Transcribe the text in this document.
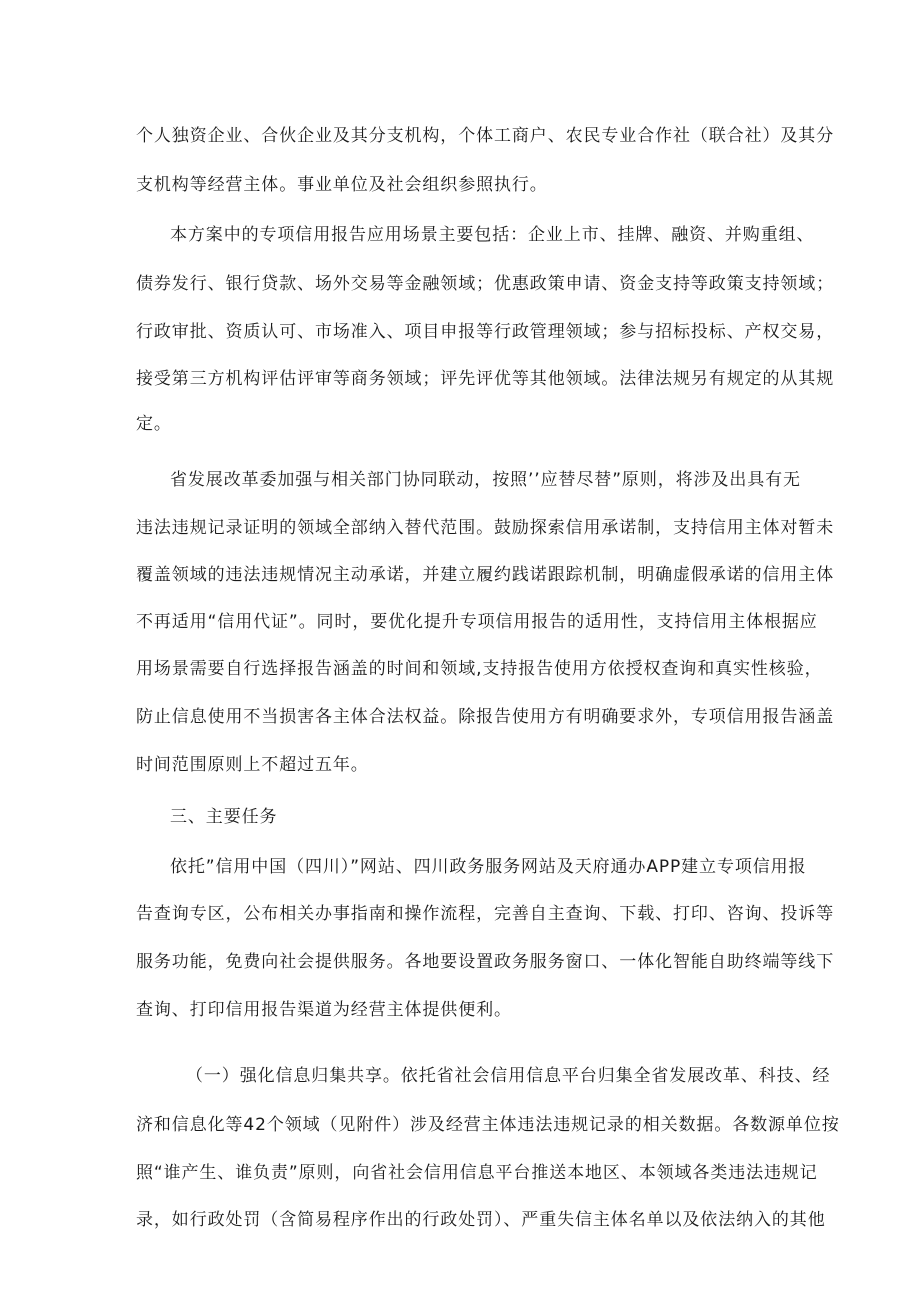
个人独资企业、合伙企业及其分支机构，个体工商户、农民专业合作社（联合社）及其分
支机构等经营主体。事业单位及社会组织参照执行。
本方案中的专项信用报告应用场景主要包括：企业上市、挂牌、融资、并购重组、
债券发行、银行贷款、场外交易等金融领域；优惠政策申请、资金支持等政策支持领域；
行政审批、资质认可、市场准入、项目申报等行政管理领域；参与招标投标、产权交易，
接受第三方机构评估评审等商务领域；评先评优等其他领域。法律法规另有规定的从其规
定。
省发展改革委加强与相关部门协同联动，按照’’应替尽替”原则，将涉及出具有无
违法违规记录证明的领域全部纳入替代范围。鼓励探索信用承诺制，支持信用主体对暂未
覆盖领域的违法违规情况主动承诺，并建立履约践诺跟踪机制，明确虚假承诺的信用主体
不再适用“信用代证”。同时，要优化提升专项信用报告的适用性，支持信用主体根据应
用场景需要自行选择报告涵盖的时间和领域,支持报告使用方依授权查询和真实性核验，
防止信息使用不当损害各主体合法权益。除报告使用方有明确要求外，专项信用报告涵盖
时间范围原则上不超过五年。
三、主要任务
依托”信用中国（四川）”网站、四川政务服务网站及天府通办APP建立专项信用报
告查询专区，公布相关办事指南和操作流程，完善自主查询、下载、打印、咨询、投诉等
服务功能，免费向社会提供服务。各地要设置政务服务窗口、一体化智能自助终端等线下
查询、打印信用报告渠道为经营主体提供便利。
（一）强化信息归集共享。依托省社会信用信息平台归集全省发展改革、科技、经
济和信息化等42个领域（见附件）涉及经营主体违法违规记录的相关数据。各数源单位按
照“谁产生、谁负责”原则，向省社会信用信息平台推送本地区、本领域各类违法违规记
录，如行政处罚（含简易程序作出的行政处罚）、严重失信主体名单以及依法纳入的其他
